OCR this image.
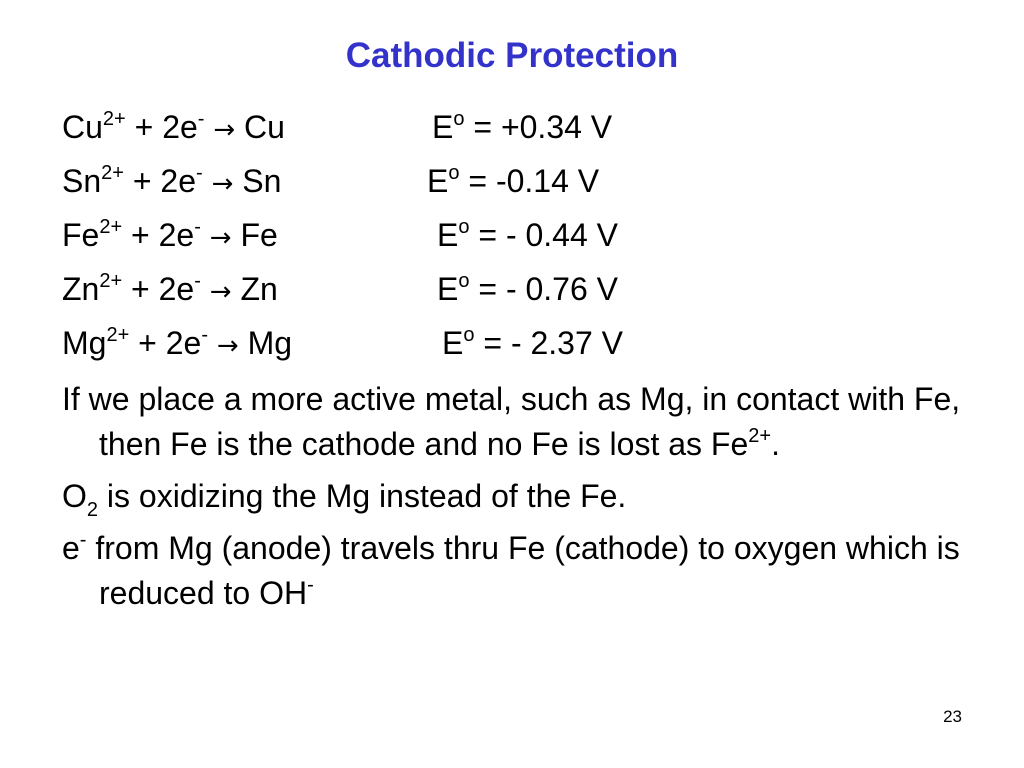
Cathodic Protection
$Cu^{2+} + 2e^- \to Cu$	$E^o = +0.34$ V
$Sn^{2+} + 2e^- \to Sn$	$E^o = -0.14$ V
$Fe^{2+} + 2e^- \to Fe$	$E^o$ = - 0.44 V
$Zn^{2+} + 2e^- \to Zn$	$E^o$ = - 0.76 V
$Mg^{2+} + 2e^- \to Mg$	$E^o$ = - 2.37 V
If we place a more active metal, such as Mg, in contact with Fe, then Fe is the cathode and no Fe is lost as $Fe^{2+}$.
$O_2$ is oxidizing the Mg instead of the Fe.
e- from Mg (anode) travels thru Fe (cathode) to oxygen which is reduced to OH-
23
